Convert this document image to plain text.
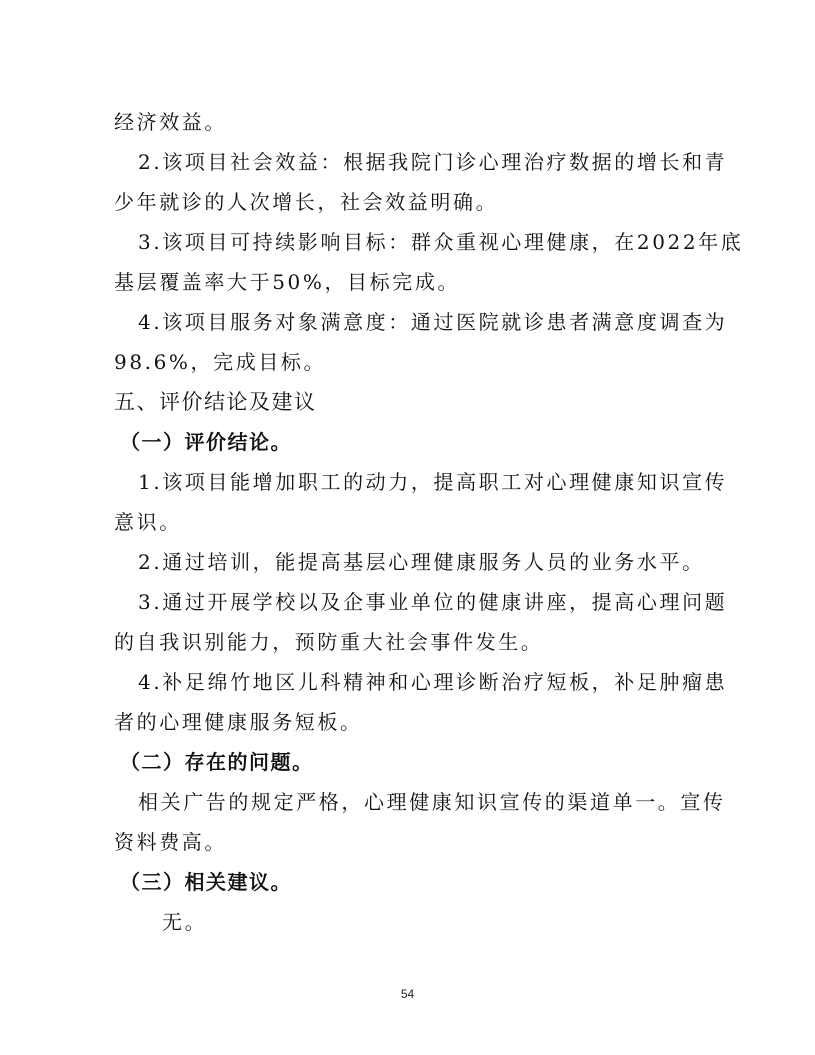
经济效益。
2.该项目社会效益：根据我院门诊心理治疗数据的增长和青
少年就诊的人次增长，社会效益明确。
3.该项目可持续影响目标：群众重视心理健康，在2022年底
基层覆盖率大于50%，目标完成。
4.该项目服务对象满意度：通过医院就诊患者满意度调查为
98.6%，完成目标。
五、评价结论及建议
（一）评价结论。
1.该项目能增加职工的动力，提高职工对心理健康知识宣传
意识。
2.通过培训，能提高基层心理健康服务人员的业务水平。
3.通过开展学校以及企事业单位的健康讲座，提高心理问题
的自我识别能力，预防重大社会事件发生。
4.补足绵竹地区儿科精神和心理诊断治疗短板，补足肿瘤患
者的心理健康服务短板。
（二）存在的问题。
相关广告的规定严格，心理健康知识宣传的渠道单一。宣传
资料费高。
（三）相关建议。
无。
54
